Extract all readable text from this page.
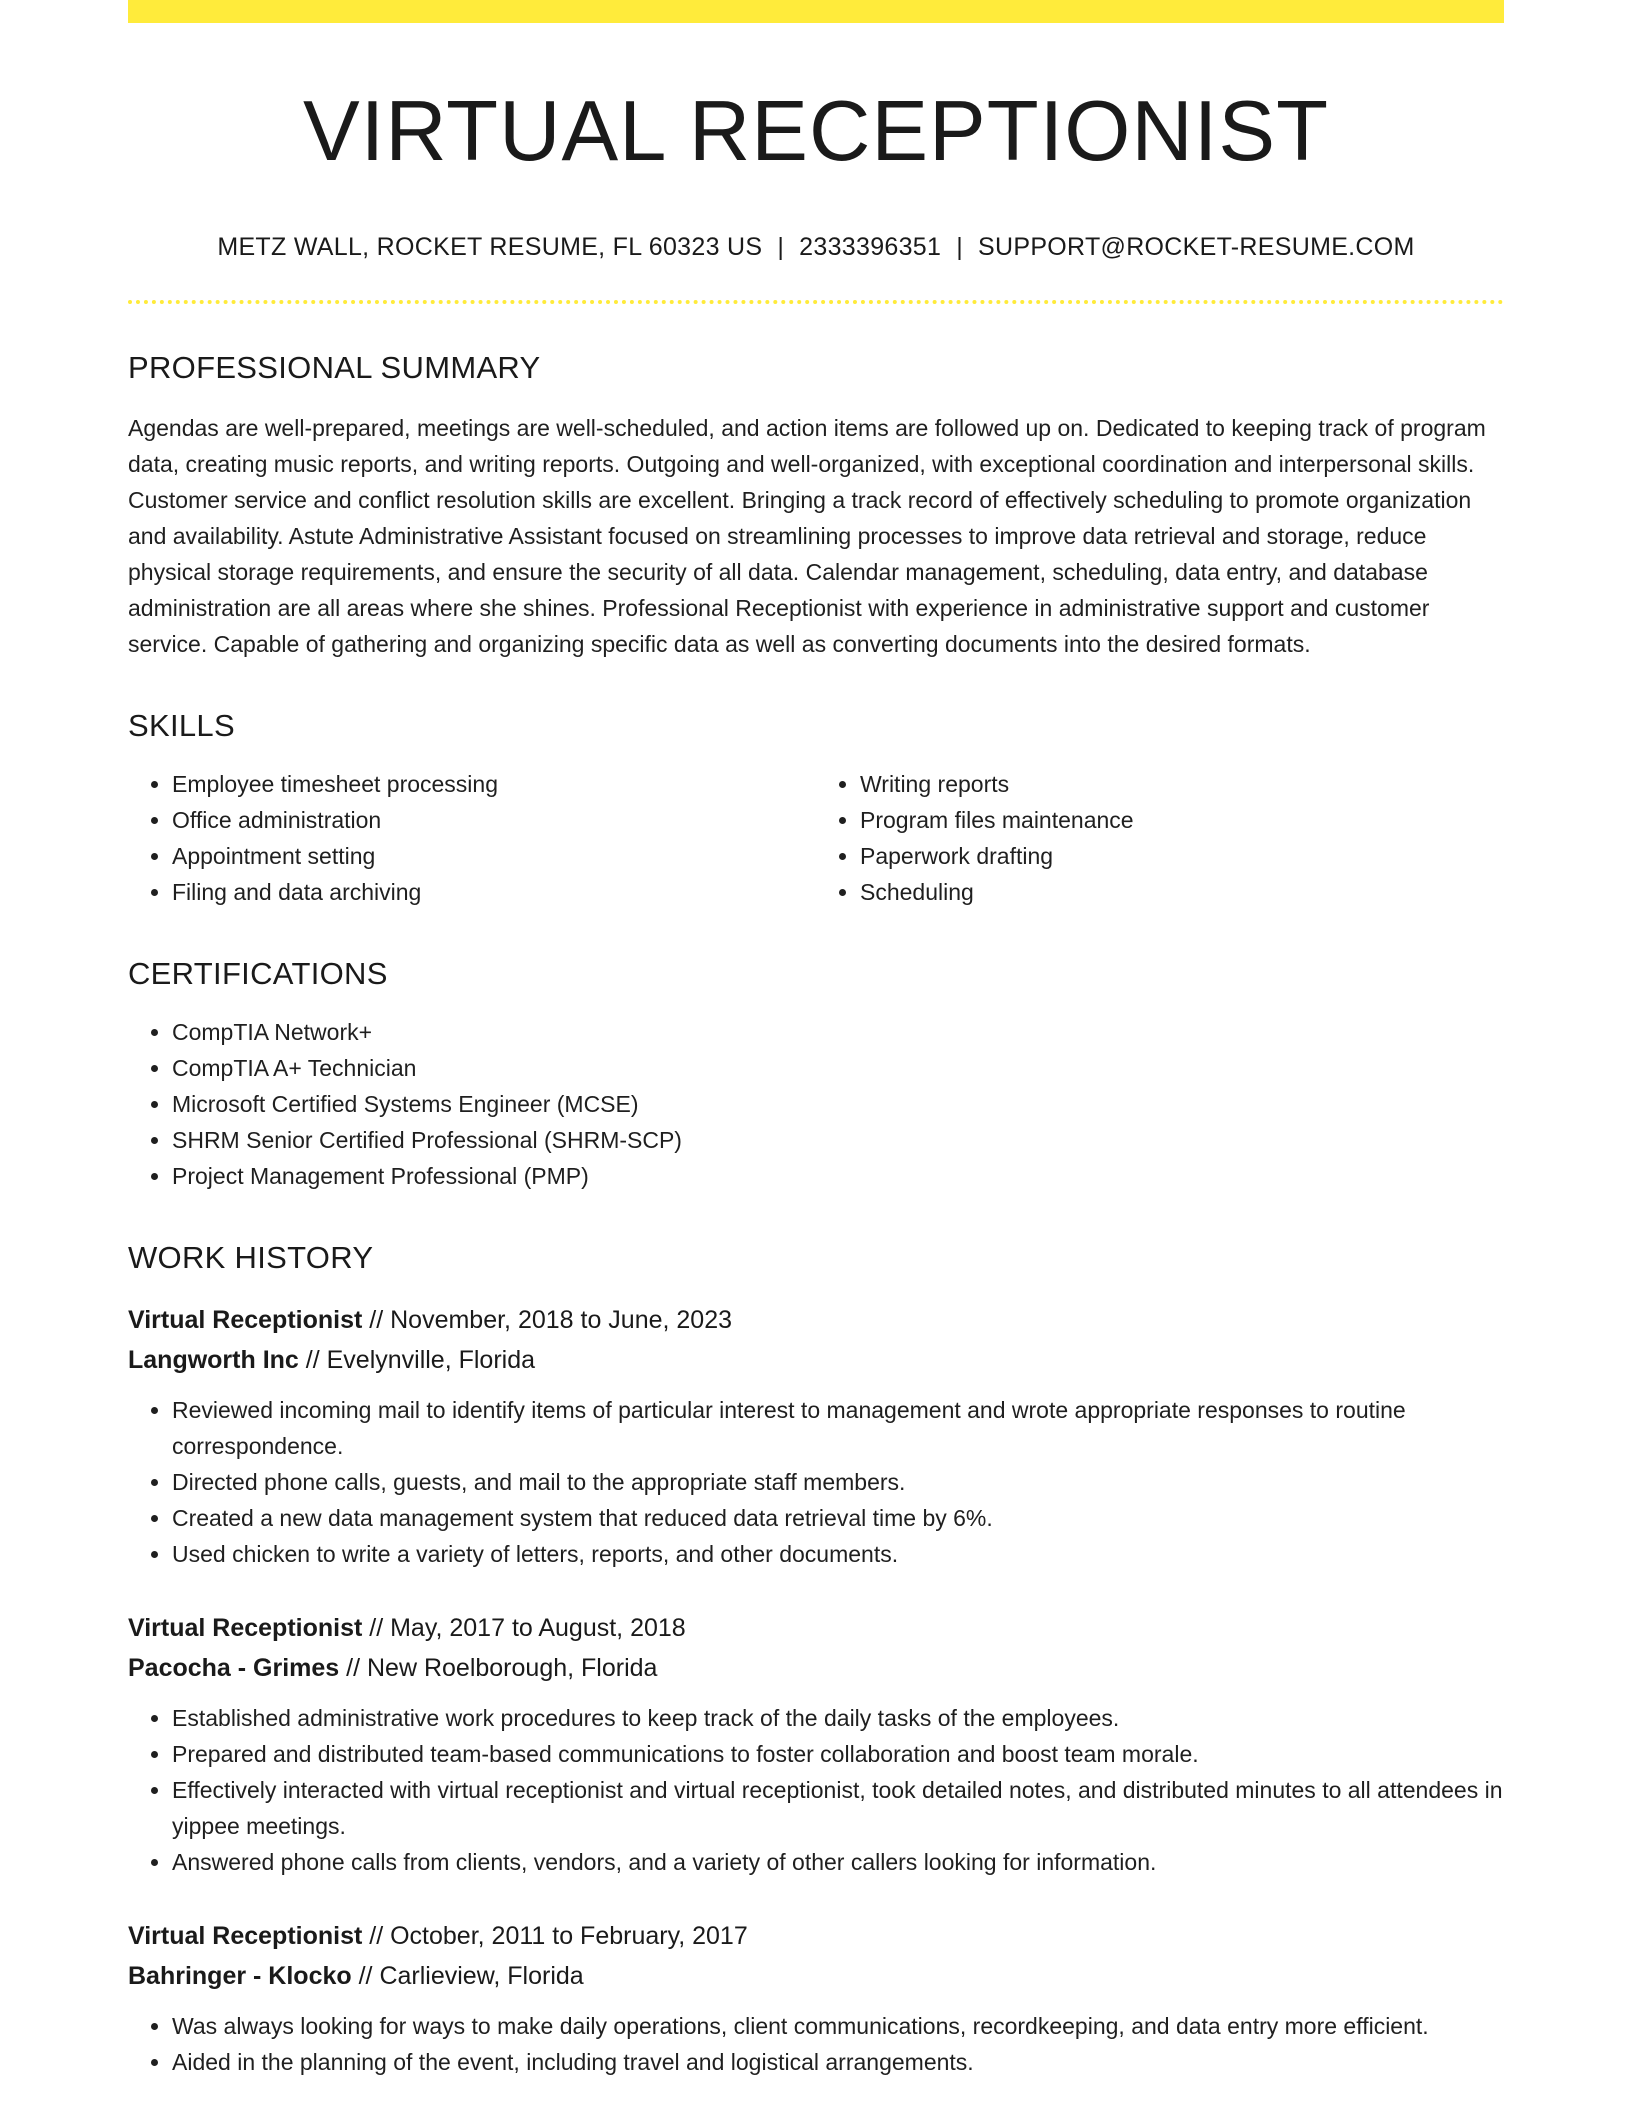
VIRTUAL RECEPTIONIST
METZ WALL, ROCKET RESUME, FL 60323 US | 2333396351 | SUPPORT@ROCKET-RESUME.COM
PROFESSIONAL SUMMARY
Agendas are well-prepared, meetings are well-scheduled, and action items are followed up on. Dedicated to keeping track of program data, creating music reports, and writing reports. Outgoing and well-organized, with exceptional coordination and interpersonal skills. Customer service and conflict resolution skills are excellent. Bringing a track record of effectively scheduling to promote organization and availability. Astute Administrative Assistant focused on streamlining processes to improve data retrieval and storage, reduce physical storage requirements, and ensure the security of all data. Calendar management, scheduling, data entry, and database administration are all areas where she shines. Professional Receptionist with experience in administrative support and customer service. Capable of gathering and organizing specific data as well as converting documents into the desired formats.
SKILLS
• Employee timesheet processing
• Office administration
• Appointment setting
• Filing and data archiving
• Writing reports
• Program files maintenance
• Paperwork drafting
• Scheduling
CERTIFICATIONS
• CompTIA Network+
• CompTIA A+ Technician
• Microsoft Certified Systems Engineer (MCSE)
• SHRM Senior Certified Professional (SHRM-SCP)
• Project Management Professional (PMP)
WORK HISTORY
Virtual Receptionist // November, 2018 to June, 2023
Langworth Inc // Evelynville, Florida
• Reviewed incoming mail to identify items of particular interest to management and wrote appropriate responses to routine correspondence.
• Directed phone calls, guests, and mail to the appropriate staff members.
• Created a new data management system that reduced data retrieval time by 6%.
• Used chicken to write a variety of letters, reports, and other documents.
Virtual Receptionist // May, 2017 to August, 2018
Pacocha - Grimes // New Roelborough, Florida
• Established administrative work procedures to keep track of the daily tasks of the employees.
• Prepared and distributed team-based communications to foster collaboration and boost team morale.
• Effectively interacted with virtual receptionist and virtual receptionist, took detailed notes, and distributed minutes to all attendees in yippee meetings.
• Answered phone calls from clients, vendors, and a variety of other callers looking for information.
Virtual Receptionist // October, 2011 to February, 2017
Bahringer - Klocko // Carlieview, Florida
• Was always looking for ways to make daily operations, client communications, recordkeeping, and data entry more efficient.
• Aided in the planning of the event, including travel and logistical arrangements.
